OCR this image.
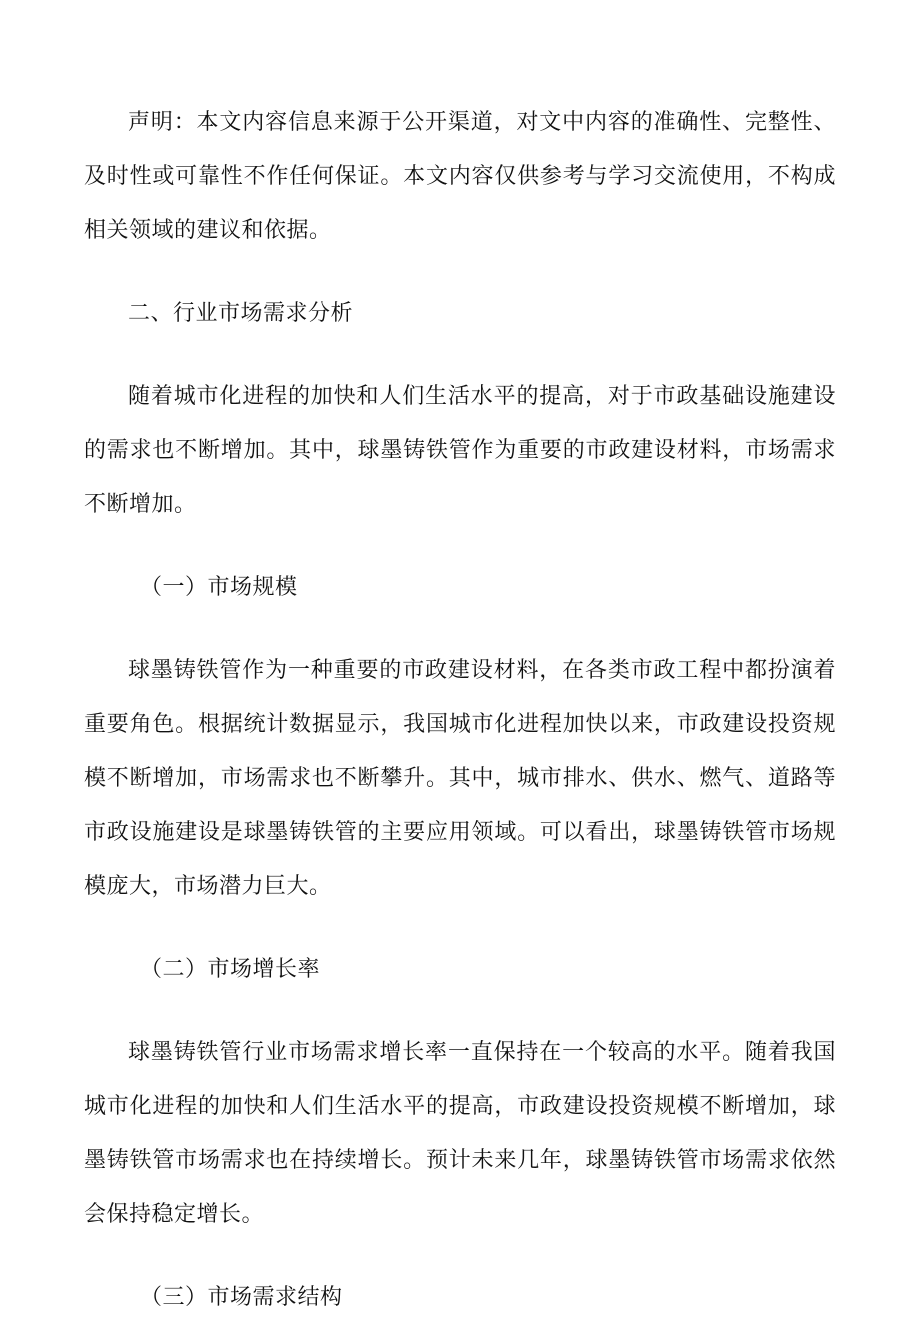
声明：本文内容信息来源于公开渠道，对文中内容的准确性、完整性、及时性或可靠性不作任何保证。本文内容仅供参考与学习交流使用，不构成相关领域的建议和依据。

二、行业市场需求分析

随着城市化进程的加快和人们生活水平的提高，对于市政基础设施建设的需求也不断增加。其中，球墨铸铁管作为重要的市政建设材料，市场需求不断增加。

（一）市场规模

球墨铸铁管作为一种重要的市政建设材料，在各类市政工程中都扮演着重要角色。根据统计数据显示，我国城市化进程加快以来，市政建设投资规模不断增加，市场需求也不断攀升。其中，城市排水、供水、燃气、道路等市政设施建设是球墨铸铁管的主要应用领域。可以看出，球墨铸铁管市场规模庞大，市场潜力巨大。

（二）市场增长率

球墨铸铁管行业市场需求增长率一直保持在一个较高的水平。随着我国城市化进程的加快和人们生活水平的提高，市政建设投资规模不断增加，球墨铸铁管市场需求也在持续增长。预计未来几年，球墨铸铁管市场需求依然会保持稳定增长。

（三）市场需求结构
